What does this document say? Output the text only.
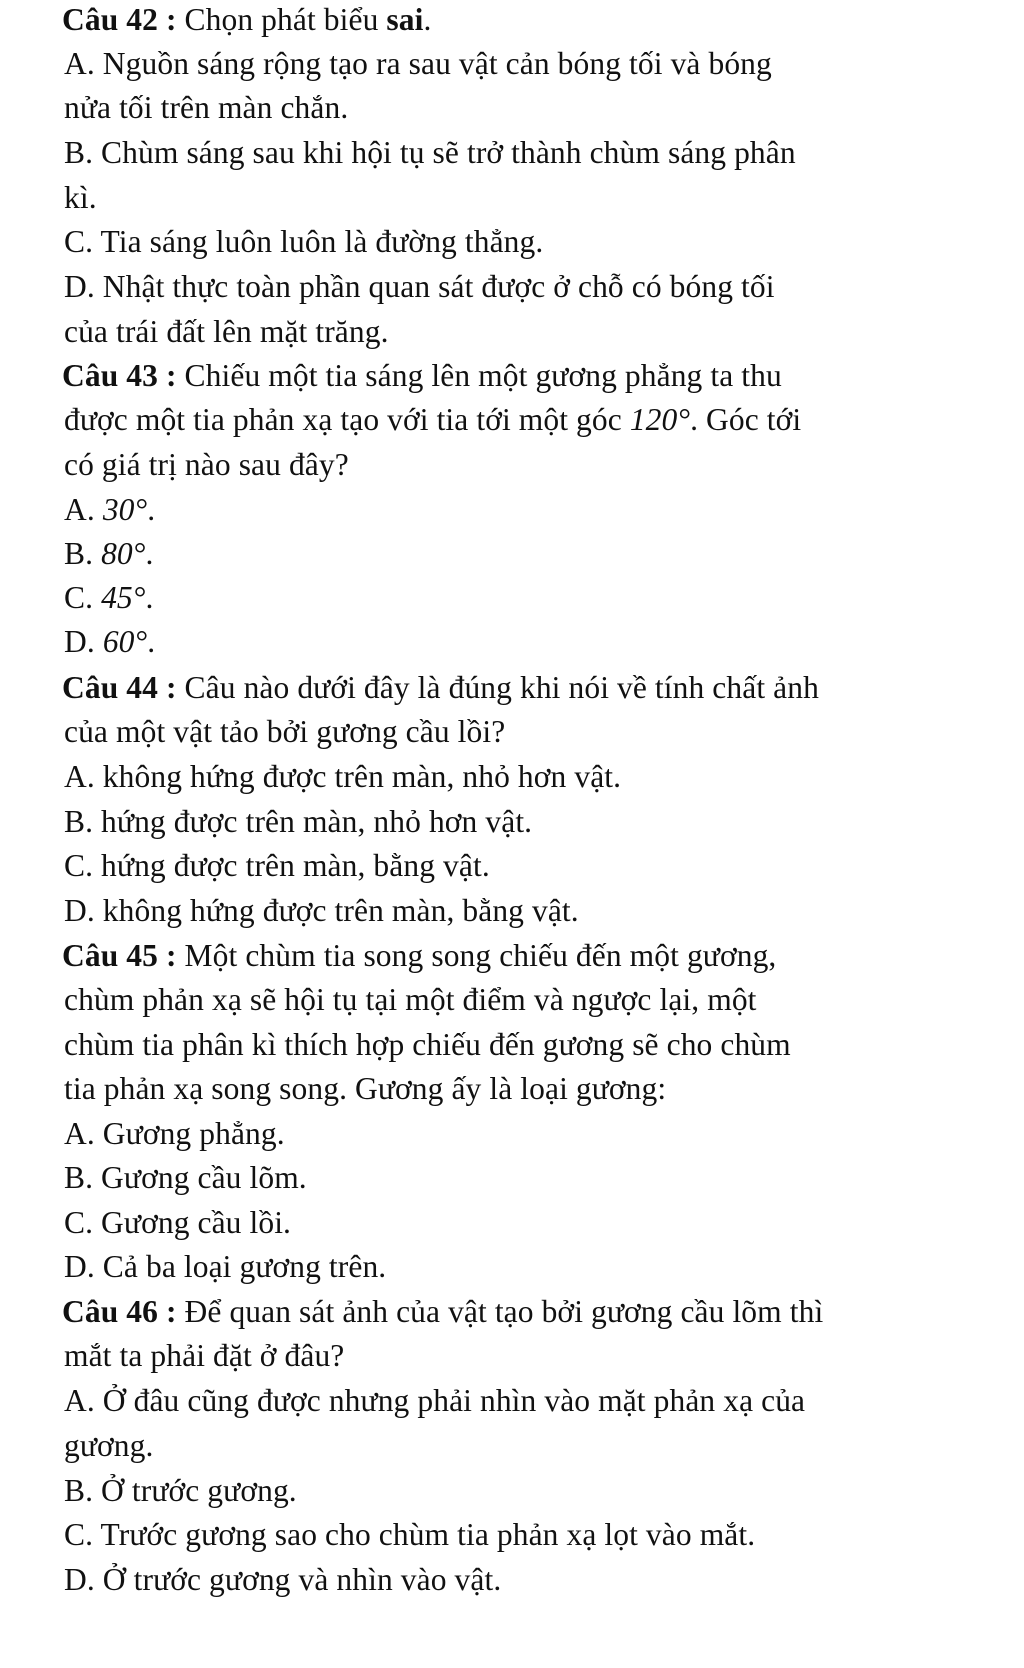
Câu 42 : Chọn phát biểu sai.
A. Nguồn sáng rộng tạo ra sau vật cản bóng tối và bóng
nửa tối trên màn chắn.
B. Chùm sáng sau khi hội tụ sẽ trở thành chùm sáng phân
kì.
C. Tia sáng luôn luôn là đường thẳng.
D. Nhật thực toàn phần quan sát được ở chỗ có bóng tối
của trái đất lên mặt trăng.
Câu 43 : Chiếu một tia sáng lên một gương phẳng ta thu
được một tia phản xạ tạo với tia tới một góc 120°. Góc tới
có giá trị nào sau đây?
A. 30°.
B. 80°.
C. 45°.
D. 60°.
Câu 44 : Câu nào dưới đây là đúng khi nói về tính chất ảnh
của một vật tảo bởi gương cầu lồi?
A. không hứng được trên màn, nhỏ hơn vật.
B. hứng được trên màn, nhỏ hơn vật.
C. hứng được trên màn, bằng vật.
D. không hứng được trên màn, bằng vật.
Câu 45 : Một chùm tia song song chiếu đến một gương,
chùm phản xạ sẽ hội tụ tại một điểm và ngược lại, một
chùm tia phân kì thích hợp chiếu đến gương sẽ cho chùm
tia phản xạ song song. Gương ấy là loại gương:
A. Gương phẳng.
B. Gương cầu lõm.
C. Gương cầu lồi.
D. Cả ba loại gương trên.
Câu 46 : Để quan sát ảnh của vật tạo bởi gương cầu lõm thì
mắt ta phải đặt ở đâu?
A. Ở đâu cũng được nhưng phải nhìn vào mặt phản xạ của
gương.
B. Ở trước gương.
C. Trước gương sao cho chùm tia phản xạ lọt vào mắt.
D. Ở trước gương và nhìn vào vật.
